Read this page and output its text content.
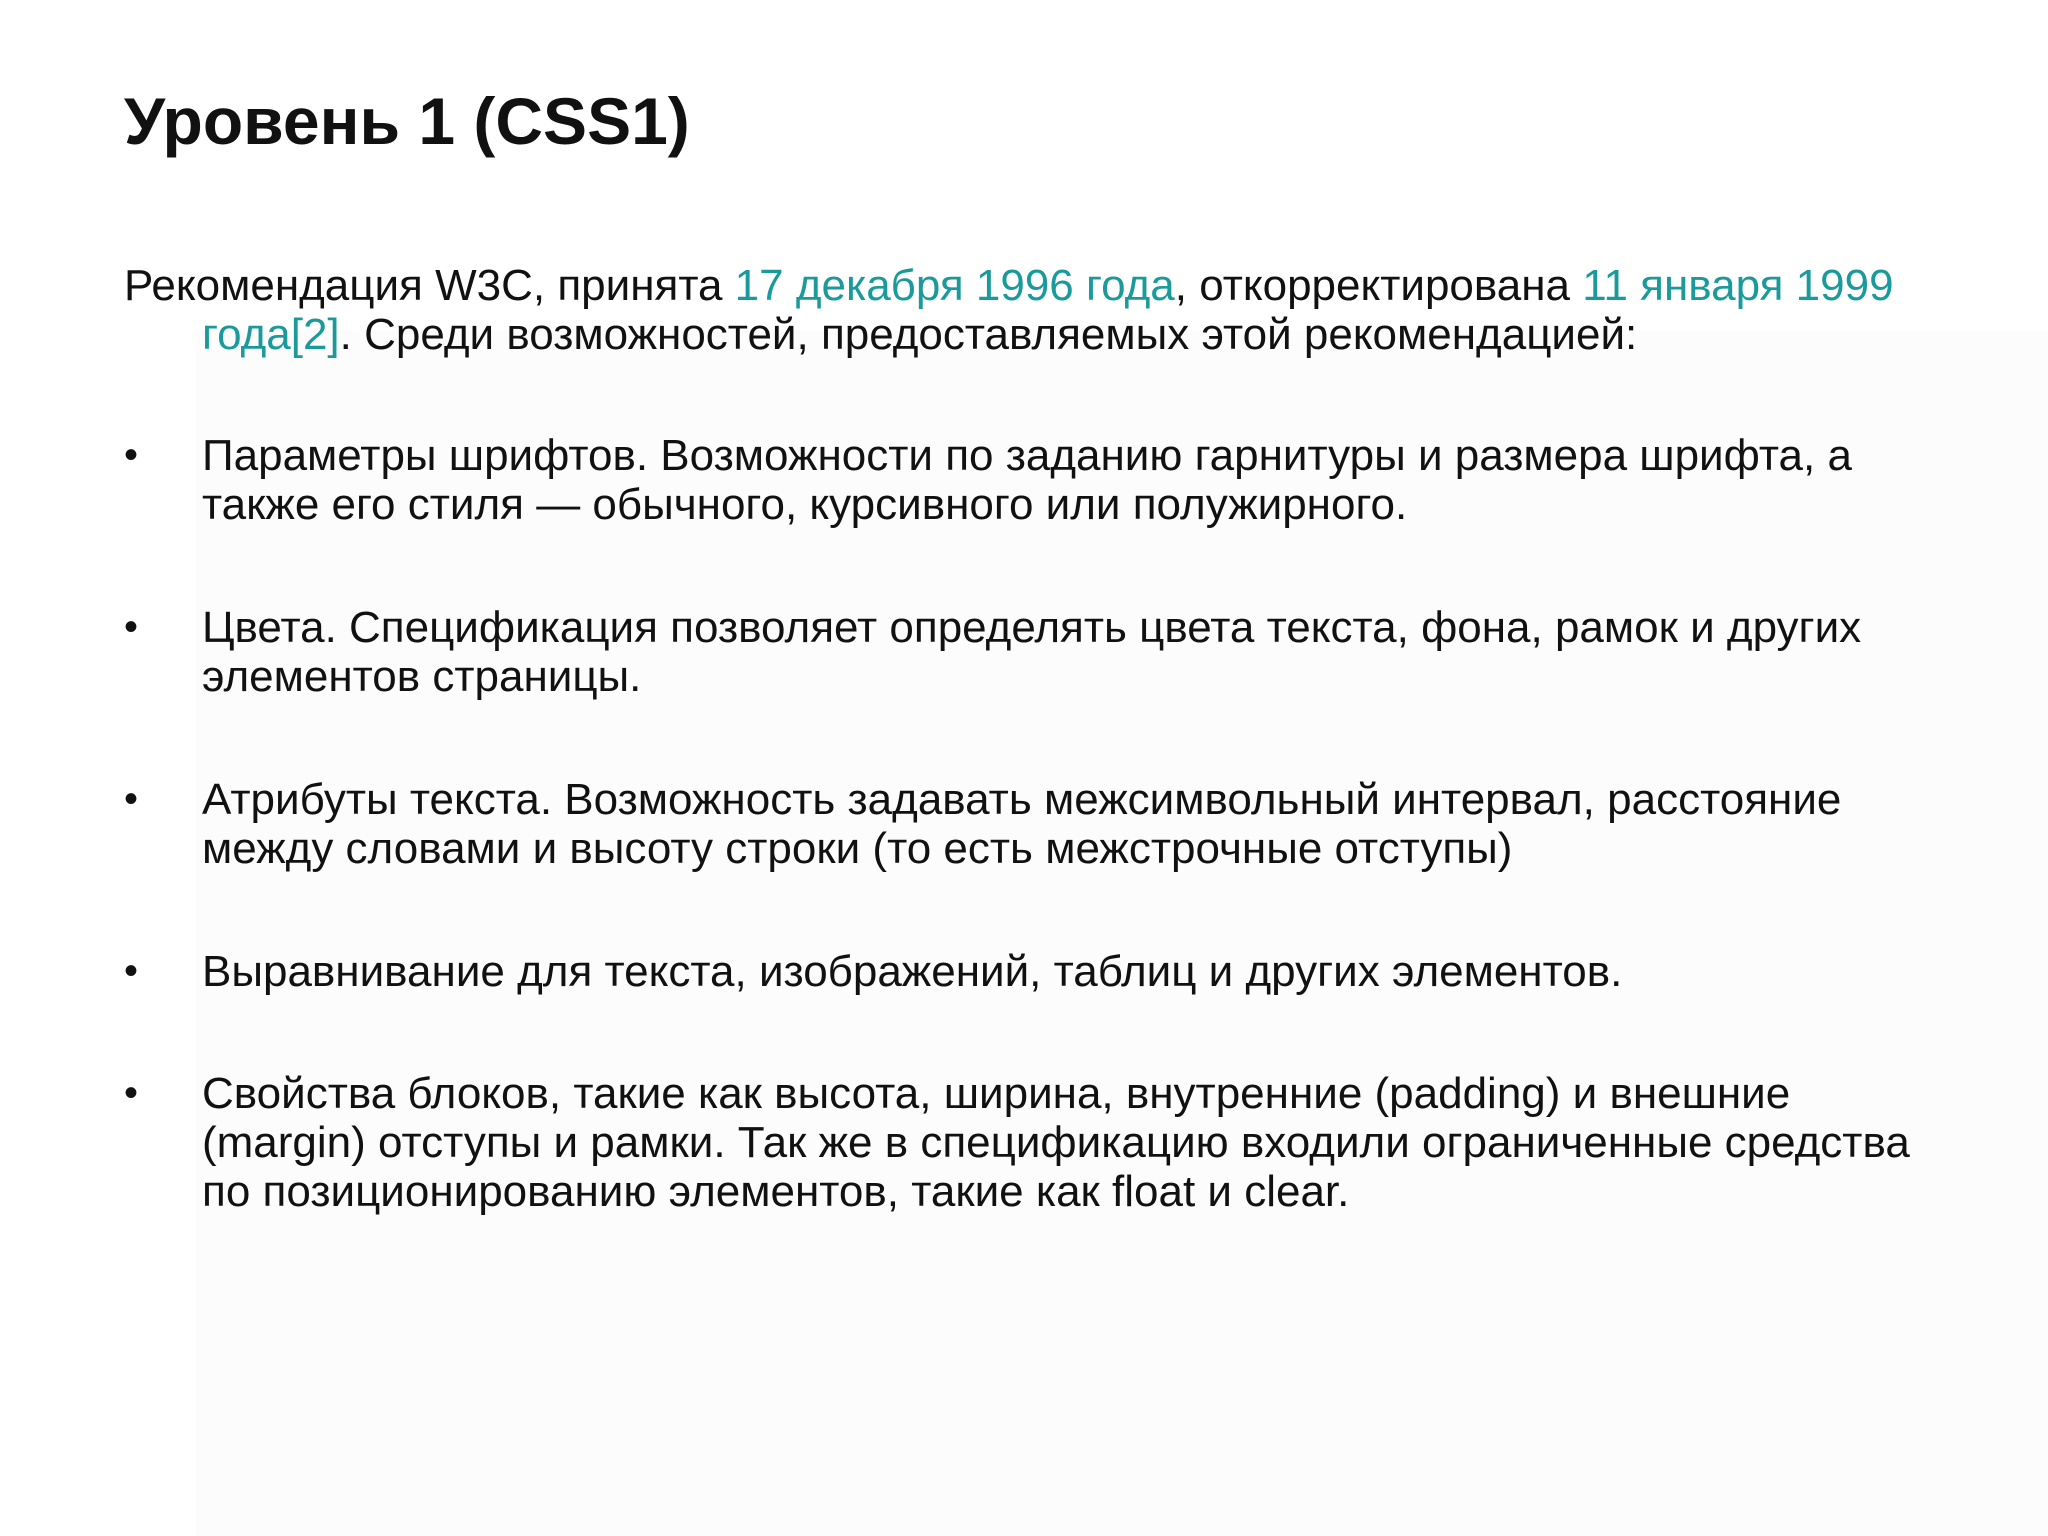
Уровень 1 (CSS1)

Рекомендация W3C, принята 17 декабря 1996 года, откорректирована 11 января 1999 года[2]. Среди возможностей, предоставляемых этой рекомендацией:

•	Параметры шрифтов. Возможности по заданию гарнитуры и размера шрифта, а также его стиля — обычного, курсивного или полужирного.
•	Цвета. Спецификация позволяет определять цвета текста, фона, рамок и других элементов страницы.
•	Атрибуты текста. Возможность задавать межсимвольный интервал, расстояние между словами и высоту строки (то есть межстрочные отступы)
•	Выравнивание для текста, изображений, таблиц и других элементов.
•	Свойства блоков, такие как высота, ширина, внутренние (padding) и внешние (margin) отступы и рамки. Так же в спецификацию входили ограниченные средства по позиционированию элементов, такие как float и clear.
